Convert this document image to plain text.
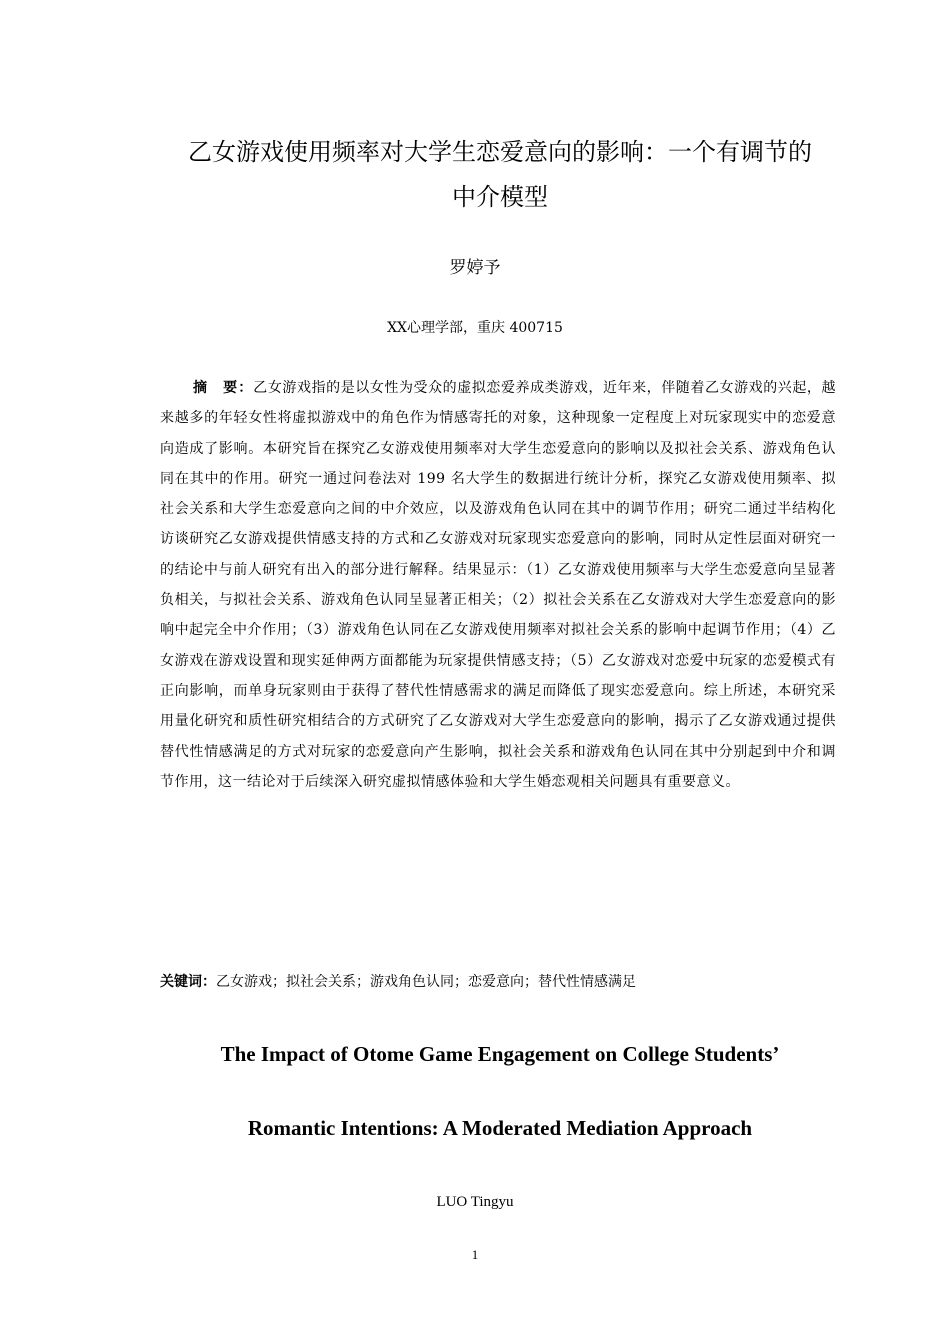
乙女游戏使用频率对大学生恋爱意向的影响：一个有调节的
中介模型
罗婷予
XX心理学部，重庆 400715
摘　要：乙女游戏指的是以女性为受众的虚拟恋爱养成类游戏，近年来，伴随着乙女游戏的兴起，越来越多的年轻女性将虚拟游戏中的角色作为情感寄托的对象，这种现象一定程度上对玩家现实中的恋爱意向造成了影响。本研究旨在探究乙女游戏使用频率对大学生恋爱意向的影响以及拟社会关系、游戏角色认同在其中的作用。研究一通过问卷法对 199 名大学生的数据进行统计分析，探究乙女游戏使用频率、拟社会关系和大学生恋爱意向之间的中介效应，以及游戏角色认同在其中的调节作用；研究二通过半结构化访谈研究乙女游戏提供情感支持的方式和乙女游戏对玩家现实恋爱意向的影响，同时从定性层面对研究一的结论中与前人研究有出入的部分进行解释。结果显示：（1）乙女游戏使用频率与大学生恋爱意向呈显著负相关，与拟社会关系、游戏角色认同呈显著正相关；（2）拟社会关系在乙女游戏对大学生恋爱意向的影响中起完全中介作用；（3）游戏角色认同在乙女游戏使用频率对拟社会关系的影响中起调节作用；（4）乙女游戏在游戏设置和现实延伸两方面都能为玩家提供情感支持；（5）乙女游戏对恋爱中玩家的恋爱模式有正向影响，而单身玩家则由于获得了替代性情感需求的满足而降低了现实恋爱意向。综上所述，本研究采用量化研究和质性研究相结合的方式研究了乙女游戏对大学生恋爱意向的影响，揭示了乙女游戏通过提供替代性情感满足的方式对玩家的恋爱意向产生影响，拟社会关系和游戏角色认同在其中分别起到中介和调节作用，这一结论对于后续深入研究虚拟情感体验和大学生婚恋观相关问题具有重要意义。
关键词：乙女游戏；拟社会关系；游戏角色认同；恋爱意向；替代性情感满足
The Impact of Otome Game Engagement on College Students’
Romantic Intentions: A Moderated Mediation Approach
LUO Tingyu
1
